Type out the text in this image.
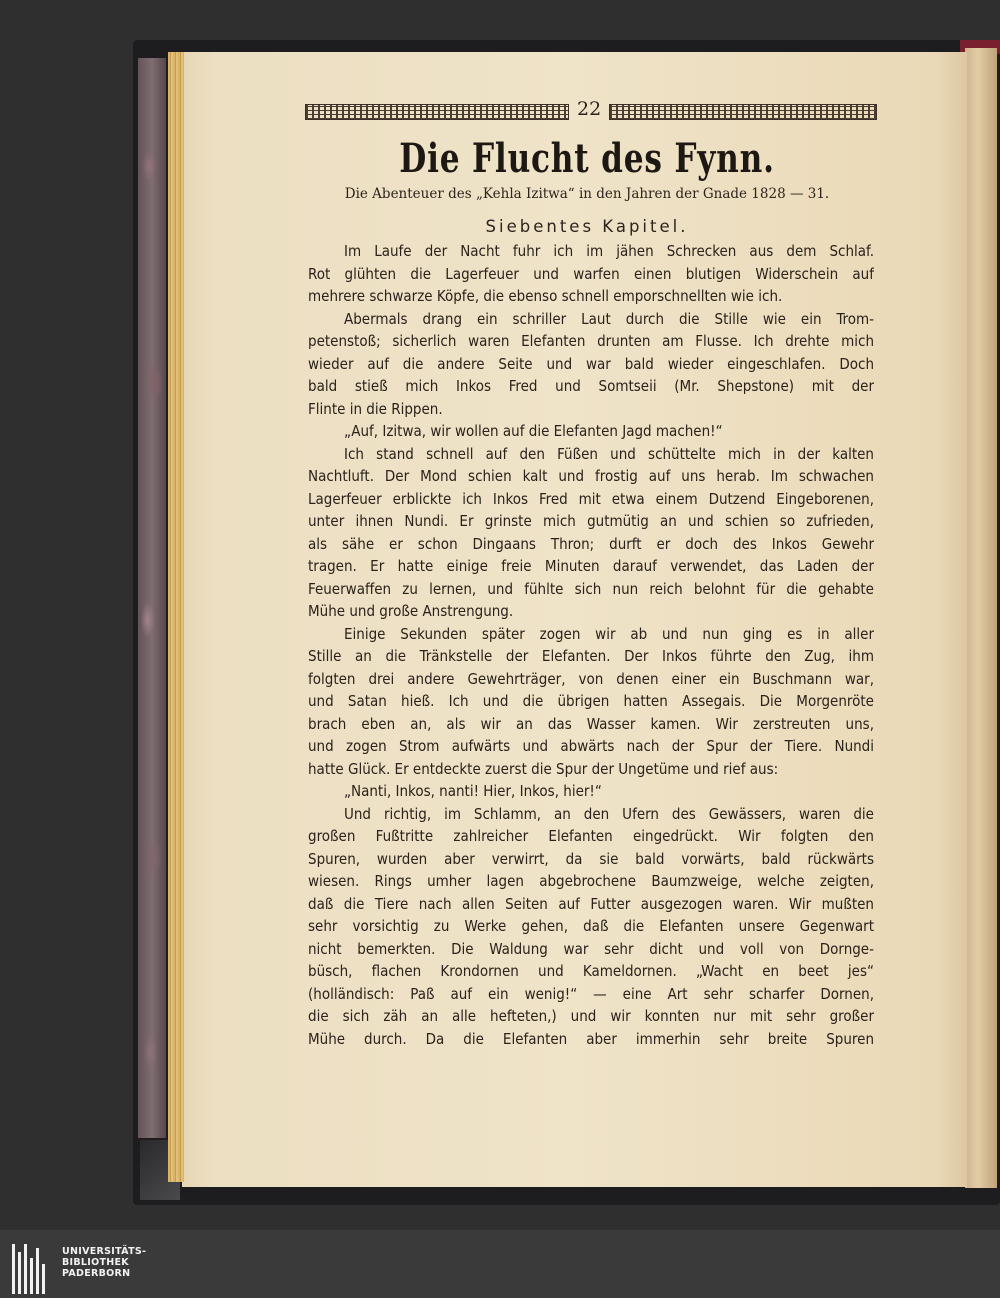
22
Die Flucht des Fynn.
Die Abenteuer des „Kehla Izitwa“ in den Jahren der Gnade 1828 — 31.
Siebentes Kapitel.
Im Laufe der Nacht fuhr ich im jähen Schrecken aus dem Schlaf.
Rot glühten die Lagerfeuer und warfen einen blutigen Widerschein auf
mehrere schwarze Köpfe, die ebenso schnell emporschnellten wie ich.
Abermals drang ein schriller Laut durch die Stille wie ein Trom-
petenstoß; sicherlich waren Elefanten drunten am Flusse. Ich drehte mich
wieder auf die andere Seite und war bald wieder eingeschlafen. Doch
bald stieß mich Inkos Fred und Somtseii (Mr. Shepstone) mit der
Flinte in die Rippen.
„Auf, Izitwa, wir wollen auf die Elefanten Jagd machen!“
Ich stand schnell auf den Füßen und schüttelte mich in der kalten
Nachtluft. Der Mond schien kalt und frostig auf uns herab. Im schwachen
Lagerfeuer erblickte ich Inkos Fred mit etwa einem Dutzend Eingeborenen,
unter ihnen Nundi. Er grinste mich gutmütig an und schien so zufrieden,
als sähe er schon Dingaans Thron; durft er doch des Inkos Gewehr
tragen. Er hatte einige freie Minuten darauf verwendet, das Laden der
Feuerwaffen zu lernen, und fühlte sich nun reich belohnt für die gehabte
Mühe und große Anstrengung.
Einige Sekunden später zogen wir ab und nun ging es in aller
Stille an die Tränkstelle der Elefanten. Der Inkos führte den Zug, ihm
folgten drei andere Gewehrträger, von denen einer ein Buschmann war,
und Satan hieß. Ich und die übrigen hatten Assegais. Die Morgenröte
brach eben an, als wir an das Wasser kamen. Wir zerstreuten uns,
und zogen Strom aufwärts und abwärts nach der Spur der Tiere. Nundi
hatte Glück. Er entdeckte zuerst die Spur der Ungetüme und rief aus:
„Nanti, Inkos, nanti! Hier, Inkos, hier!“
Und richtig, im Schlamm, an den Ufern des Gewässers, waren die
großen Fußtritte zahlreicher Elefanten eingedrückt. Wir folgten den
Spuren, wurden aber verwirrt, da sie bald vorwärts, bald rückwärts
wiesen. Rings umher lagen abgebrochene Baumzweige, welche zeigten,
daß die Tiere nach allen Seiten auf Futter ausgezogen waren. Wir mußten
sehr vorsichtig zu Werke gehen, daß die Elefanten unsere Gegenwart
nicht bemerkten. Die Waldung war sehr dicht und voll von Dornge-
büsch, flachen Krondornen und Kameldornen. „Wacht en beet jes“
(holländisch: Paß auf ein wenig!“ — eine Art sehr scharfer Dornen,
die sich zäh an alle hefteten,) und wir konnten nur mit sehr großer
Mühe durch. Da die Elefanten aber immerhin sehr breite Spuren
UNIVERSITÄTS-
BIBLIOTHEK
PADERBORN
